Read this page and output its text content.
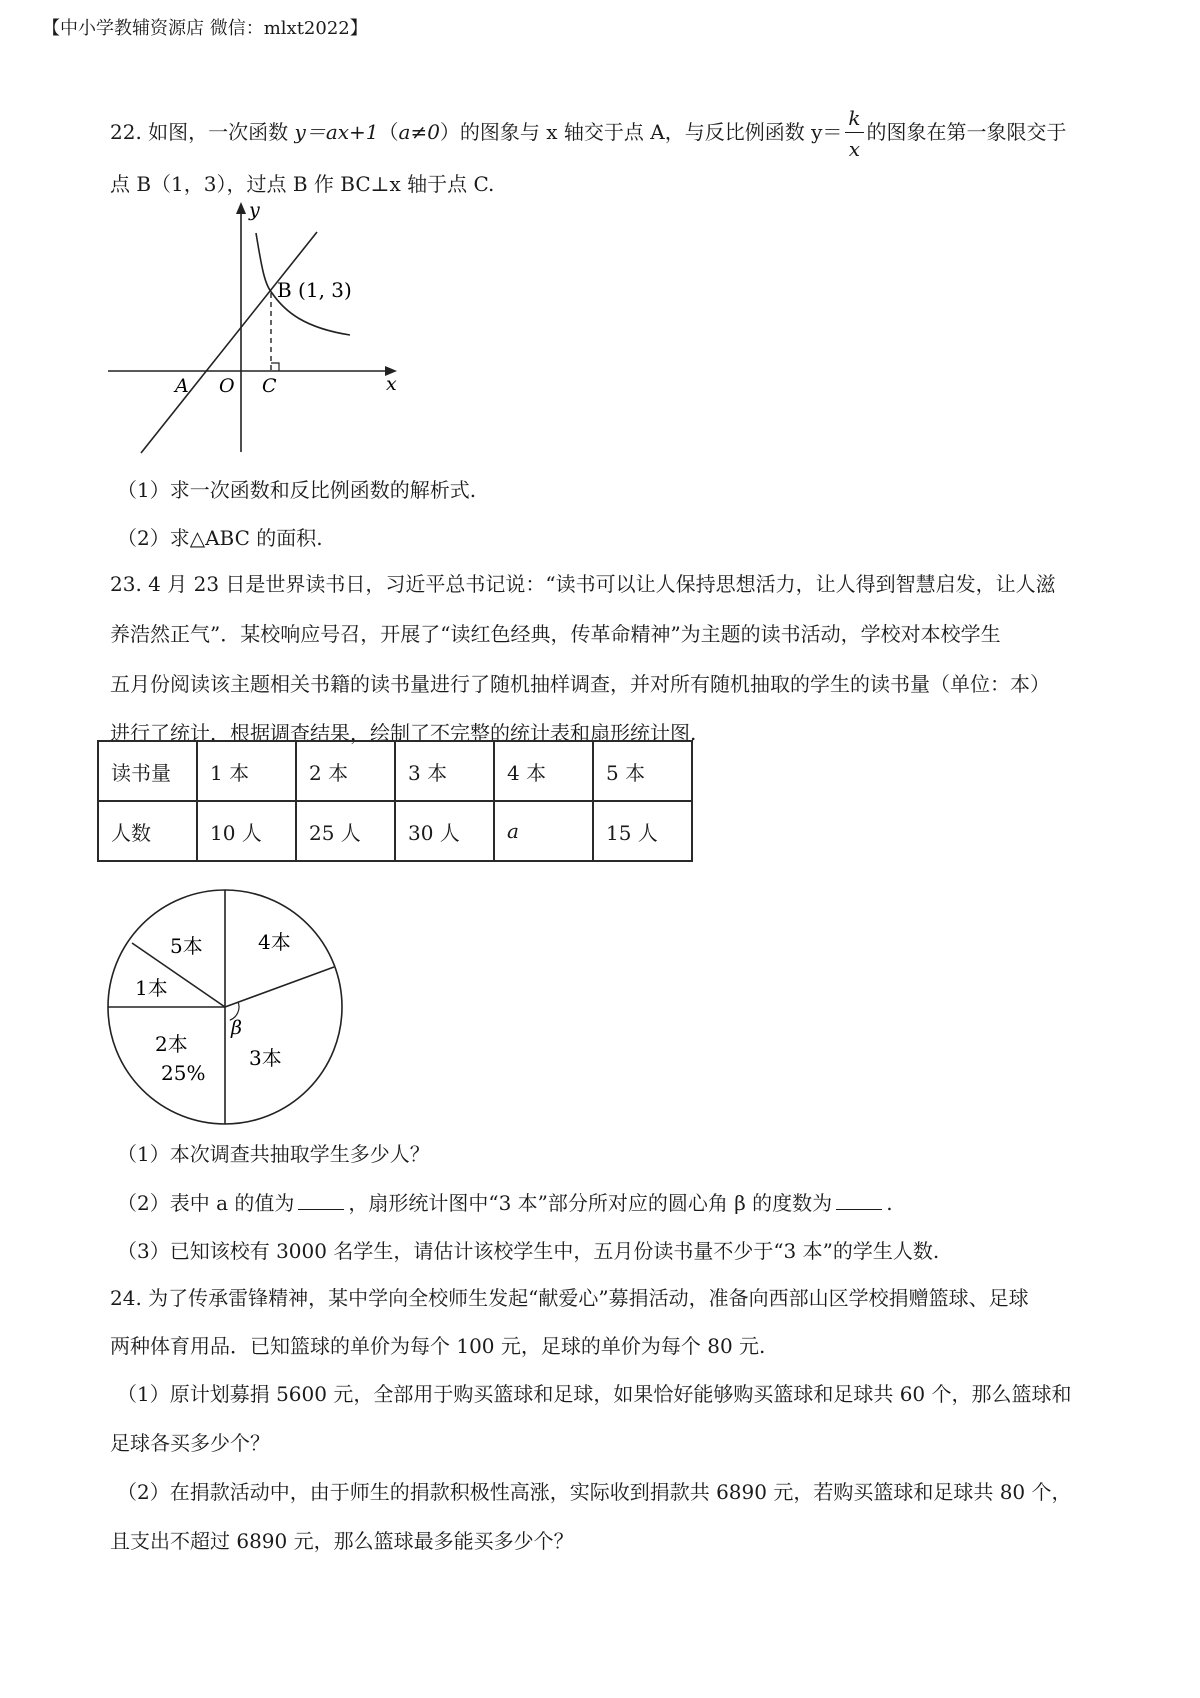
【中小学教辅资源店 微信：mlxt2022】
22. 如图，一次函数 y＝ax+1（a≠0）的图象与 x 轴交于点 A，与反比例函数 $y= \frac{k}{x}$ 的图象在第一象限交于
点 B（1，3），过点 B 作 BC⊥x 轴于点 C.
y
x
B (1, 3)
A O C
（1）求一次函数和反比例函数的解析式.
（2）求△ABC 的面积.
23. 4 月 23 日是世界读书日，习近平总书记说：“读书可以让人保持思想活力，让人得到智慧启发，让人滋
养浩然正气”．某校响应号召，开展了“读红色经典，传革命精神”为主题的读书活动，学校对本校学生
五月份阅读该主题相关书籍的读书量进行了随机抽样调查，并对所有随机抽取的学生的读书量（单位：本）
进行了统计．根据调查结果，绘制了不完整的统计表和扇形统计图.
读书量	1 本	2 本	3 本	4 本	5 本
人数	10 人	25 人	30 人	a	15 人
β
5本	4本
1本
2本
25%
3本
（1）本次调查共抽取学生多少人？
（2）表中 a 的值为	，扇形统计图中“3 本”部分所对应的圆心角 β 的度数为	.
（3）已知该校有 3000 名学生，请估计该校学生中，五月份读书量不少于“3 本”的学生人数.
24. 为了传承雷锋精神，某中学向全校师生发起“献爱心”募捐活动，准备向西部山区学校捐赠篮球、足球
两种体育用品．已知篮球的单价为每个 100 元，足球的单价为每个 80 元.
（1）原计划募捐 5600 元，全部用于购买篮球和足球，如果恰好能够购买篮球和足球共 60 个，那么篮球和
足球各买多少个？
（2）在捐款活动中，由于师生的捐款积极性高涨，实际收到捐款共 6890 元，若购买篮球和足球共 80 个，
且支出不超过 6890 元，那么篮球最多能买多少个？
